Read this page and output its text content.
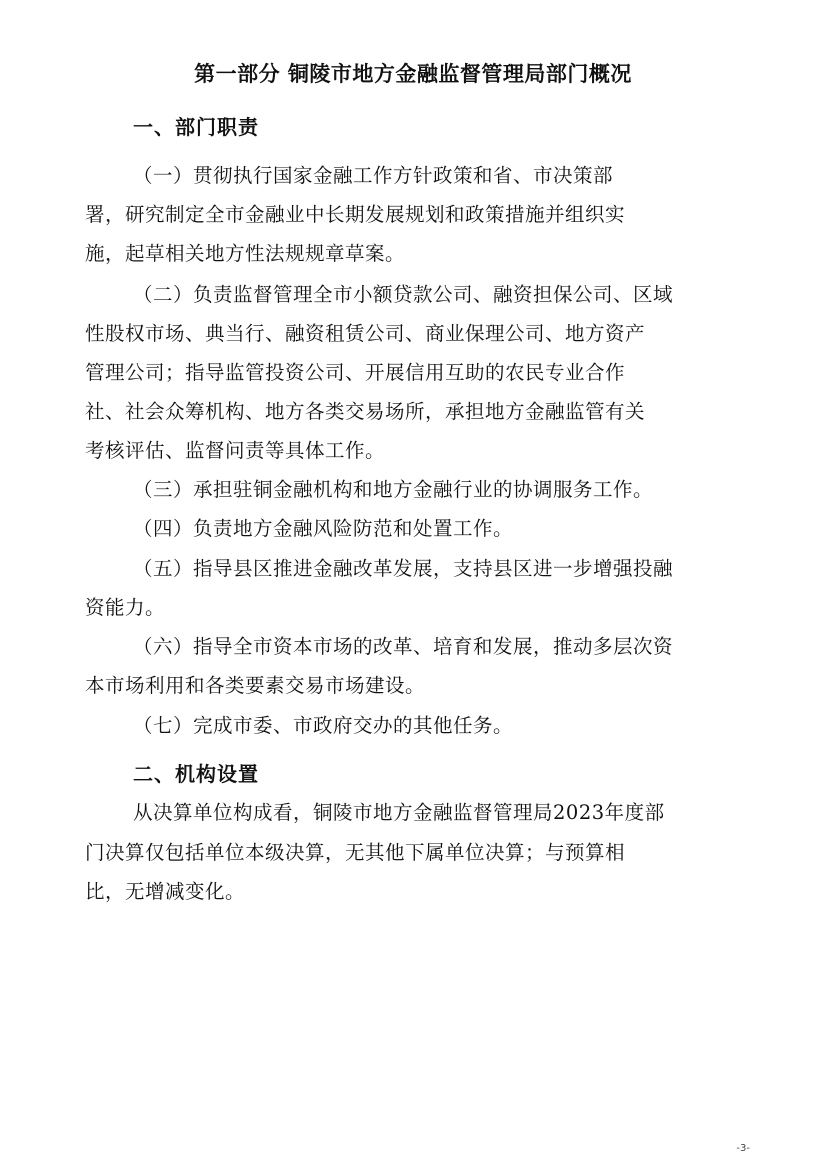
第一部分 铜陵市地方金融监督管理局部门概况
一、部门职责
（一）贯彻执行国家金融工作方针政策和省、市决策部
署，研究制定全市金融业中长期发展规划和政策措施并组织实
施，起草相关地方性法规规章草案。
（二）负责监督管理全市小额贷款公司、融资担保公司、区域
性股权市场、典当行、融资租赁公司、商业保理公司、地方资产
管理公司；指导监管投资公司、开展信用互助的农民专业合作
社、社会众筹机构、地方各类交易场所，承担地方金融监管有关
考核评估、监督问责等具体工作。
（三）承担驻铜金融机构和地方金融行业的协调服务工作。
（四）负责地方金融风险防范和处置工作。
（五）指导县区推进金融改革发展，支持县区进一步增强投融
资能力。
（六）指导全市资本市场的改革、培育和发展，推动多层次资
本市场利用和各类要素交易市场建设。
（七）完成市委、市政府交办的其他任务。
二、机构设置
从决算单位构成看，铜陵市地方金融监督管理局2023年度部
门决算仅包括单位本级决算，无其他下属单位决算；与预算相
比，无增减变化。
-3-
